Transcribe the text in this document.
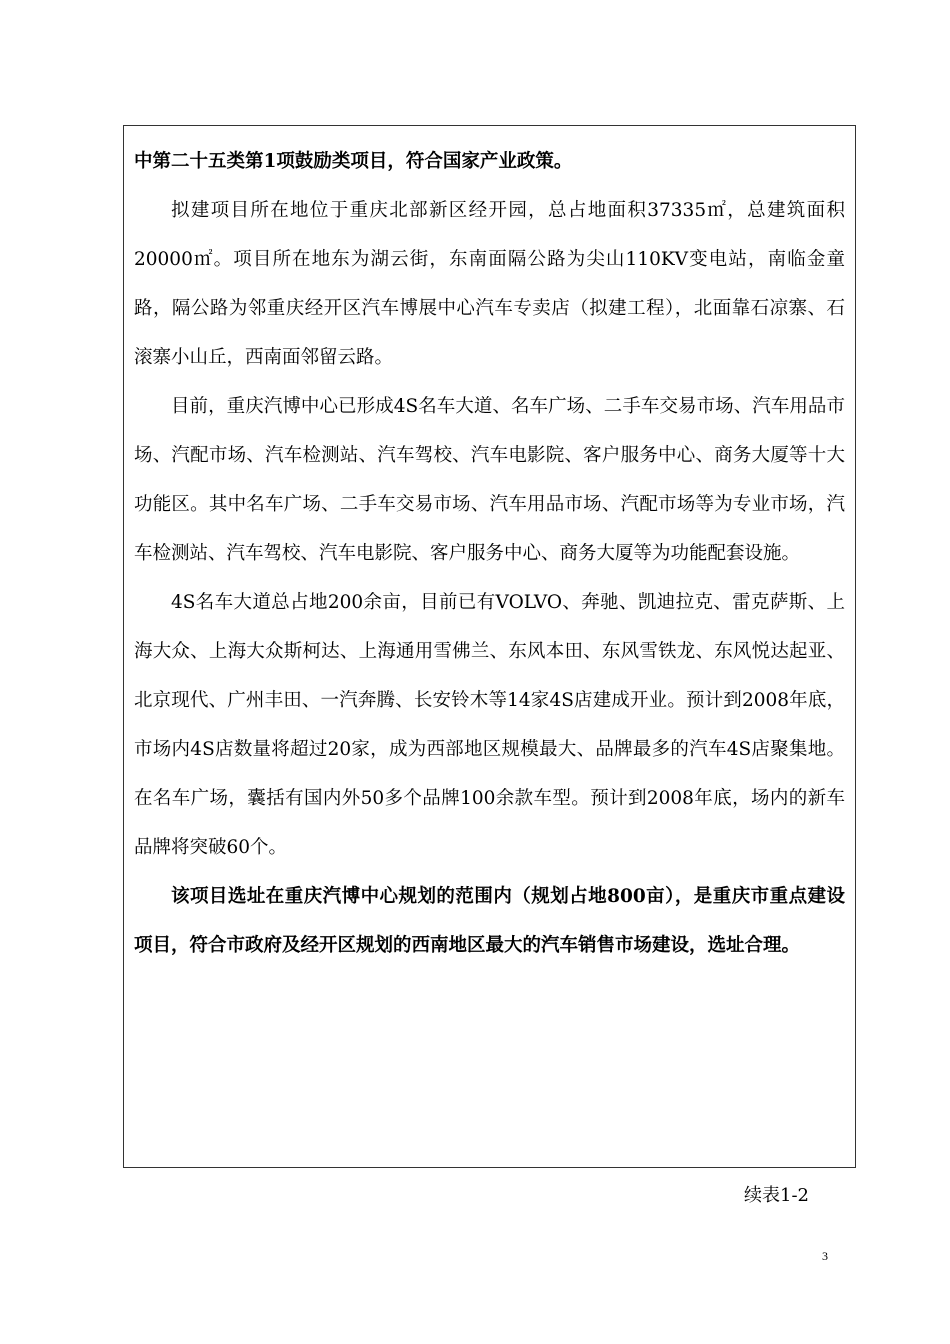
中第二十五类第1项鼓励类项目，符合国家产业政策。

拟建项目所在地位于重庆北部新区经开园，总占地面积37335㎡，总建筑面积20000㎡。项目所在地东为湖云街，东南面隔公路为尖山110KV变电站，南临金童路，隔公路为邻重庆经开区汽车博展中心汽车专卖店（拟建工程），北面靠石凉寨、石滚寨小山丘，西南面邻留云路。

目前，重庆汽博中心已形成4S名车大道、名车广场、二手车交易市场、汽车用品市场、汽配市场、汽车检测站、汽车驾校、汽车电影院、客户服务中心、商务大厦等十大功能区。其中名车广场、二手车交易市场、汽车用品市场、汽配市场等为专业市场，汽车检测站、汽车驾校、汽车电影院、客户服务中心、商务大厦等为功能配套设施。

4S名车大道总占地200余亩，目前已有VOLVO、奔驰、凯迪拉克、雷克萨斯、上海大众、上海大众斯柯达、上海通用雪佛兰、东风本田、东风雪铁龙、东风悦达起亚、北京现代、广州丰田、一汽奔腾、长安铃木等14家4S店建成开业。预计到2008年底，市场内4S店数量将超过20家，成为西部地区规模最大、品牌最多的汽车4S店聚集地。在名车广场，囊括有国内外50多个品牌100余款车型。预计到2008年底，场内的新车品牌将突破60个。

该项目选址在重庆汽博中心规划的范围内（规划占地800亩），是重庆市重点建设项目，符合市政府及经开区规划的西南地区最大的汽车销售市场建设，选址合理。

续表1-2
3
